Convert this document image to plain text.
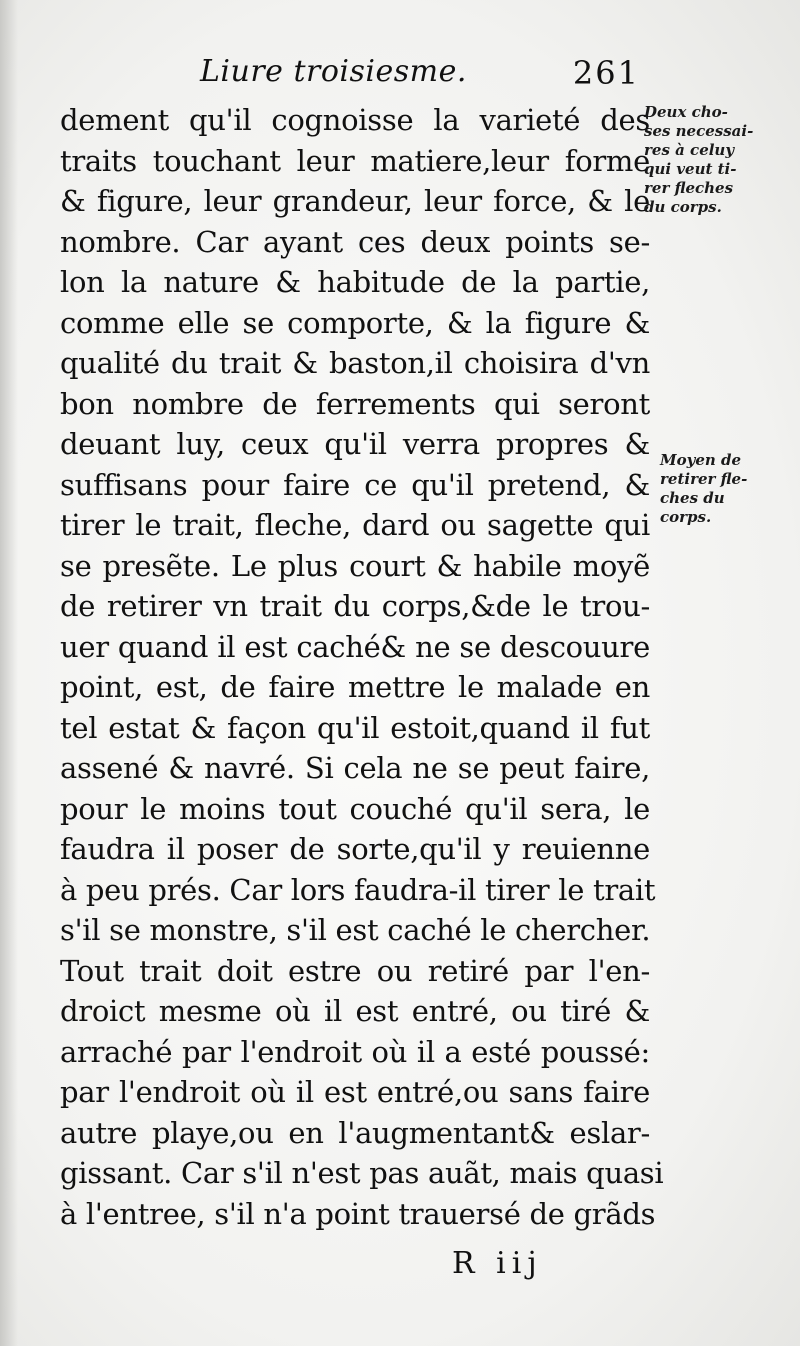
Liure troisiesme.	261
dement qu'il cognoisse la varieté des
traits touchant leur matiere,leur forme
& figure, leur grandeur, leur force, & le
nombre. Car ayant ces deux points se-
lon la nature & habitude de la partie,
comme elle se comporte, & la figure &
qualité du trait & baston,il choisira d'vn
bon nombre de ferrements qui seront
deuant luy, ceux qu'il verra propres &
suffisans pour faire ce qu'il pretend, &
tirer le trait, fleche, dard ou sagette qui
se presẽte. Le plus court & habile moyẽ
de retirer vn trait du corps,&de le trou-
uer quand il est caché& ne se descouure
point, est, de faire mettre le malade en
tel estat & façon qu'il estoit,quand il fut
assené & navré. Si cela ne se peut faire,
pour le moins tout couché qu'il sera, le
faudra il poser de sorte,qu'il y reuienne
à peu prés. Car lors faudra-il tirer le trait
s'il se monstre, s'il est caché le chercher.
Tout trait doit estre ou retiré par l'en-
droict mesme où il est entré, ou tiré &
arraché par l'endroit où il a esté poussé:
par l'endroit où il est entré,ou sans faire
autre playe,ou en l'augmentant& eslar-
gissant. Car s'il n'est pas auãt, mais quasi
à l'entree, s'il n'a point trauersé de grãds
Deux cho-
ses necessai-
res à celuy
qui veut ti-
rer fleches
du corps.
Moyen de
retirer fle-
ches du
corps.
R iij
